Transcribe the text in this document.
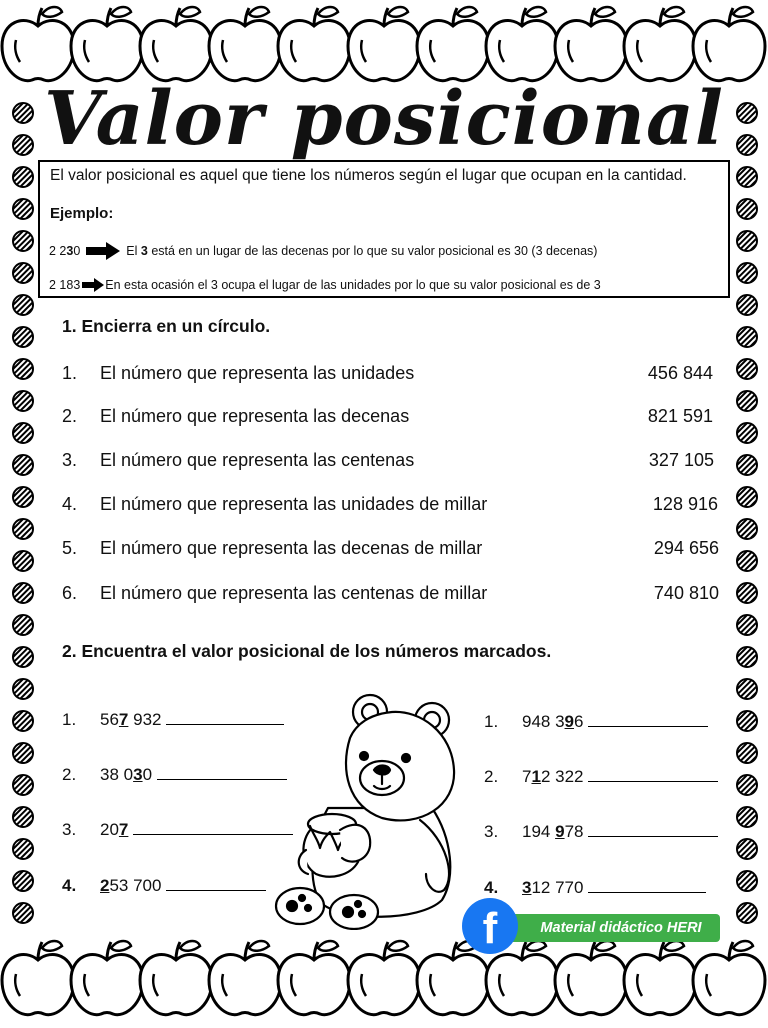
Valor posicional
El valor posicional es aquel que tiene los números según el lugar que ocupan en la cantidad.
Ejemplo:
2 230	El 3 está en un lugar de las decenas por lo que su valor posicional es 30 (3 decenas)
2 183 En esta ocasión el 3 ocupa el lugar de las unidades por lo que su valor posicional es de 3
1. Encierra en un círculo.
1. El número que representa las unidades	456 844
2. El número que representa las decenas	821 591
3. El número que representa las centenas	327 105
4. El número que representa las unidades de millar	128 916
5. El número que representa las decenas de millar	294 656
6. El número que representa las centenas de millar	740 810
2. Encuentra el valor posicional de los números marcados.
1. 567 932
2. 38 030
3. 207
4. 253 700
1. 948 396
2. 712 322
3. 194 978
4. 312 770
Material didáctico HERI
f
